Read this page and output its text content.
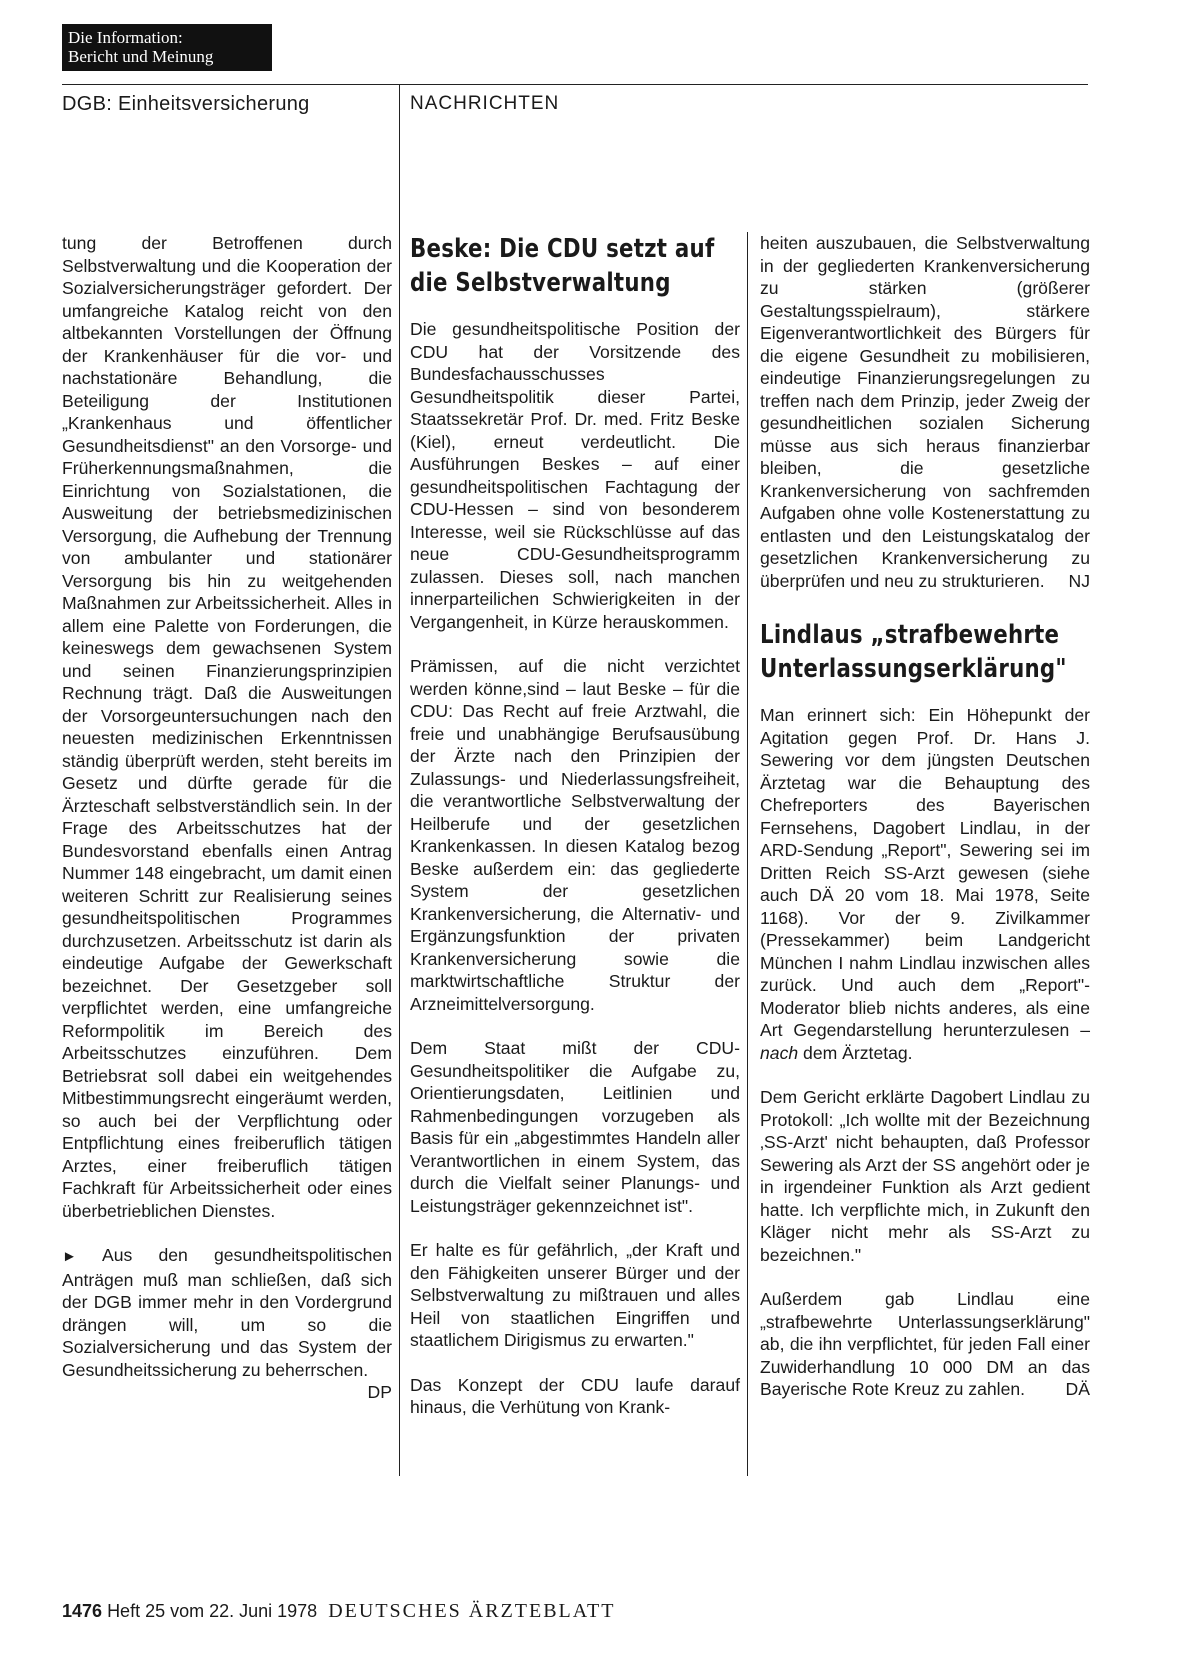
Die Information:
Bericht und Meinung
DGB: Einheitsversicherung	NACHRICHTEN

tung der Betroffenen durch Selbstverwaltung und die Kooperation der Sozialversicherungsträger gefordert. Der umfangreiche Katalog reicht von den altbekannten Vorstellungen der Öffnung der Krankenhäuser für die vor- und nachstationäre Behandlung, die Beteiligung der Institutionen „Krankenhaus und öffentlicher Gesundheitsdienst" an den Vorsorge- und Früherkennungsmaßnahmen, die Einrichtung von Sozialstationen, die Ausweitung der betriebsmedizinischen Versorgung, die Aufhebung der Trennung von ambulanter und stationärer Versorgung bis hin zu weitgehenden Maßnahmen zur Arbeitssicherheit. Alles in allem eine Palette von Forderungen, die keineswegs dem gewachsenen System und seinen Finanzierungsprinzipien Rechnung trägt. Daß die Ausweitungen der Vorsorgeuntersuchungen nach den neuesten medizinischen Erkenntnissen ständig überprüft werden, steht bereits im Gesetz und dürfte gerade für die Ärzteschaft selbstverständlich sein. In der Frage des Arbeitsschutzes hat der Bundesvorstand ebenfalls einen Antrag Nummer 148 eingebracht, um damit einen weiteren Schritt zur Realisierung seines gesundheitspolitischen Programmes durchzusetzen. Arbeitsschutz ist darin als eindeutige Aufgabe der Gewerkschaft bezeichnet. Der Gesetzgeber soll verpflichtet werden, eine umfangreiche Reformpolitik im Bereich des Arbeitsschutzes einzuführen. Dem Betriebsrat soll dabei ein weitgehendes Mitbestimmungsrecht eingeräumt werden, so auch bei der Verpflichtung oder Entpflichtung eines freiberuflich tätigen Arztes, einer freiberuflich tätigen Fachkraft für Arbeitssicherheit oder eines überbetrieblichen Dienstes.

► Aus den gesundheitspolitischen Anträgen muß man schließen, daß sich der DGB immer mehr in den Vordergrund drängen will, um so die Sozialversicherung und das System der Gesundheitssicherung zu beherrschen.
DP

Beske: Die CDU setzt auf die Selbstverwaltung

Die gesundheitspolitische Position der CDU hat der Vorsitzende des Bundesfachausschusses Gesundheitspolitik dieser Partei, Staatssekretär Prof. Dr. med. Fritz Beske (Kiel), erneut verdeutlicht. Die Ausführungen Beskes – auf einer gesundheitspolitischen Fachtagung der CDU-Hessen – sind von besonderem Interesse, weil sie Rückschlüsse auf das neue CDU-Gesundheitsprogramm zulassen. Dieses soll, nach manchen innerparteilichen Schwierigkeiten in der Vergangenheit, in Kürze herauskommen.

Prämissen, auf die nicht verzichtet werden könne,sind – laut Beske – für die CDU: Das Recht auf freie Arztwahl, die freie und unabhängige Berufsausübung der Ärzte nach den Prinzipien der Zulassungs- und Niederlassungsfreiheit, die verantwortliche Selbstverwaltung der Heilberufe und der gesetzlichen Krankenkassen. In diesen Katalog bezog Beske außerdem ein: das gegliederte System der gesetzlichen Krankenversicherung, die Alternativ- und Ergänzungsfunktion der privaten Krankenversicherung sowie die marktwirtschaftliche Struktur der Arzneimittelversorgung.

Dem Staat mißt der CDU-Gesundheitspolitiker die Aufgabe zu, Orientierungsdaten, Leitlinien und Rahmenbedingungen vorzugeben als Basis für ein „abgestimmtes Handeln aller Verantwortlichen in einem System, das durch die Vielfalt seiner Planungs- und Leistungsträger gekennzeichnet ist".

Er halte es für gefährlich, „der Kraft und den Fähigkeiten unserer Bürger und der Selbstverwaltung zu mißtrauen und alles Heil von staatlichen Eingriffen und staatlichem Dirigismus zu erwarten."

Das Konzept der CDU laufe darauf hinaus, die Verhütung von Krank-

heiten auszubauen, die Selbstverwaltung in der gegliederten Krankenversicherung zu stärken (größerer Gestaltungsspielraum), stärkere Eigenverantwortlichkeit des Bürgers für die eigene Gesundheit zu mobilisieren, eindeutige Finanzierungsregelungen zu treffen nach dem Prinzip, jeder Zweig der gesundheitlichen sozialen Sicherung müsse aus sich heraus finanzierbar bleiben, die gesetzliche Krankenversicherung von sachfremden Aufgaben ohne volle Kostenerstattung zu entlasten und den Leistungskatalog der gesetzlichen Krankenversicherung zu überprüfen und neu zu strukturieren. NJ

Lindlaus „strafbewehrte Unterlassungserklärung"

Man erinnert sich: Ein Höhepunkt der Agitation gegen Prof. Dr. Hans J. Sewering vor dem jüngsten Deutschen Ärztetag war die Behauptung des Chefreporters des Bayerischen Fernsehens, Dagobert Lindlau, in der ARD-Sendung „Report", Sewering sei im Dritten Reich SS-Arzt gewesen (siehe auch DÄ 20 vom 18. Mai 1978, Seite 1168). Vor der 9. Zivilkammer (Pressekammer) beim Landgericht München I nahm Lindlau inzwischen alles zurück. Und auch dem „Report"-Moderator blieb nichts anderes, als eine Art Gegendarstellung herunterzulesen – nach dem Ärztetag.

Dem Gericht erklärte Dagobert Lindlau zu Protokoll: „Ich wollte mit der Bezeichnung ‚SS-Arzt' nicht behaupten, daß Professor Sewering als Arzt der SS angehört oder je in irgendeiner Funktion als Arzt gedient hatte. Ich verpflichte mich, in Zukunft den Kläger nicht mehr als SS-Arzt zu bezeichnen."

Außerdem gab Lindlau eine „strafbewehrte Unterlassungserklärung" ab, die ihn verpflichtet, für jeden Fall einer Zuwiderhandlung 10 000 DM an das Bayerische Rote Kreuz zu zahlen. DÄ

1476 Heft 25 vom 22. Juni 1978 DEUTSCHES ÄRZTEBLATT
